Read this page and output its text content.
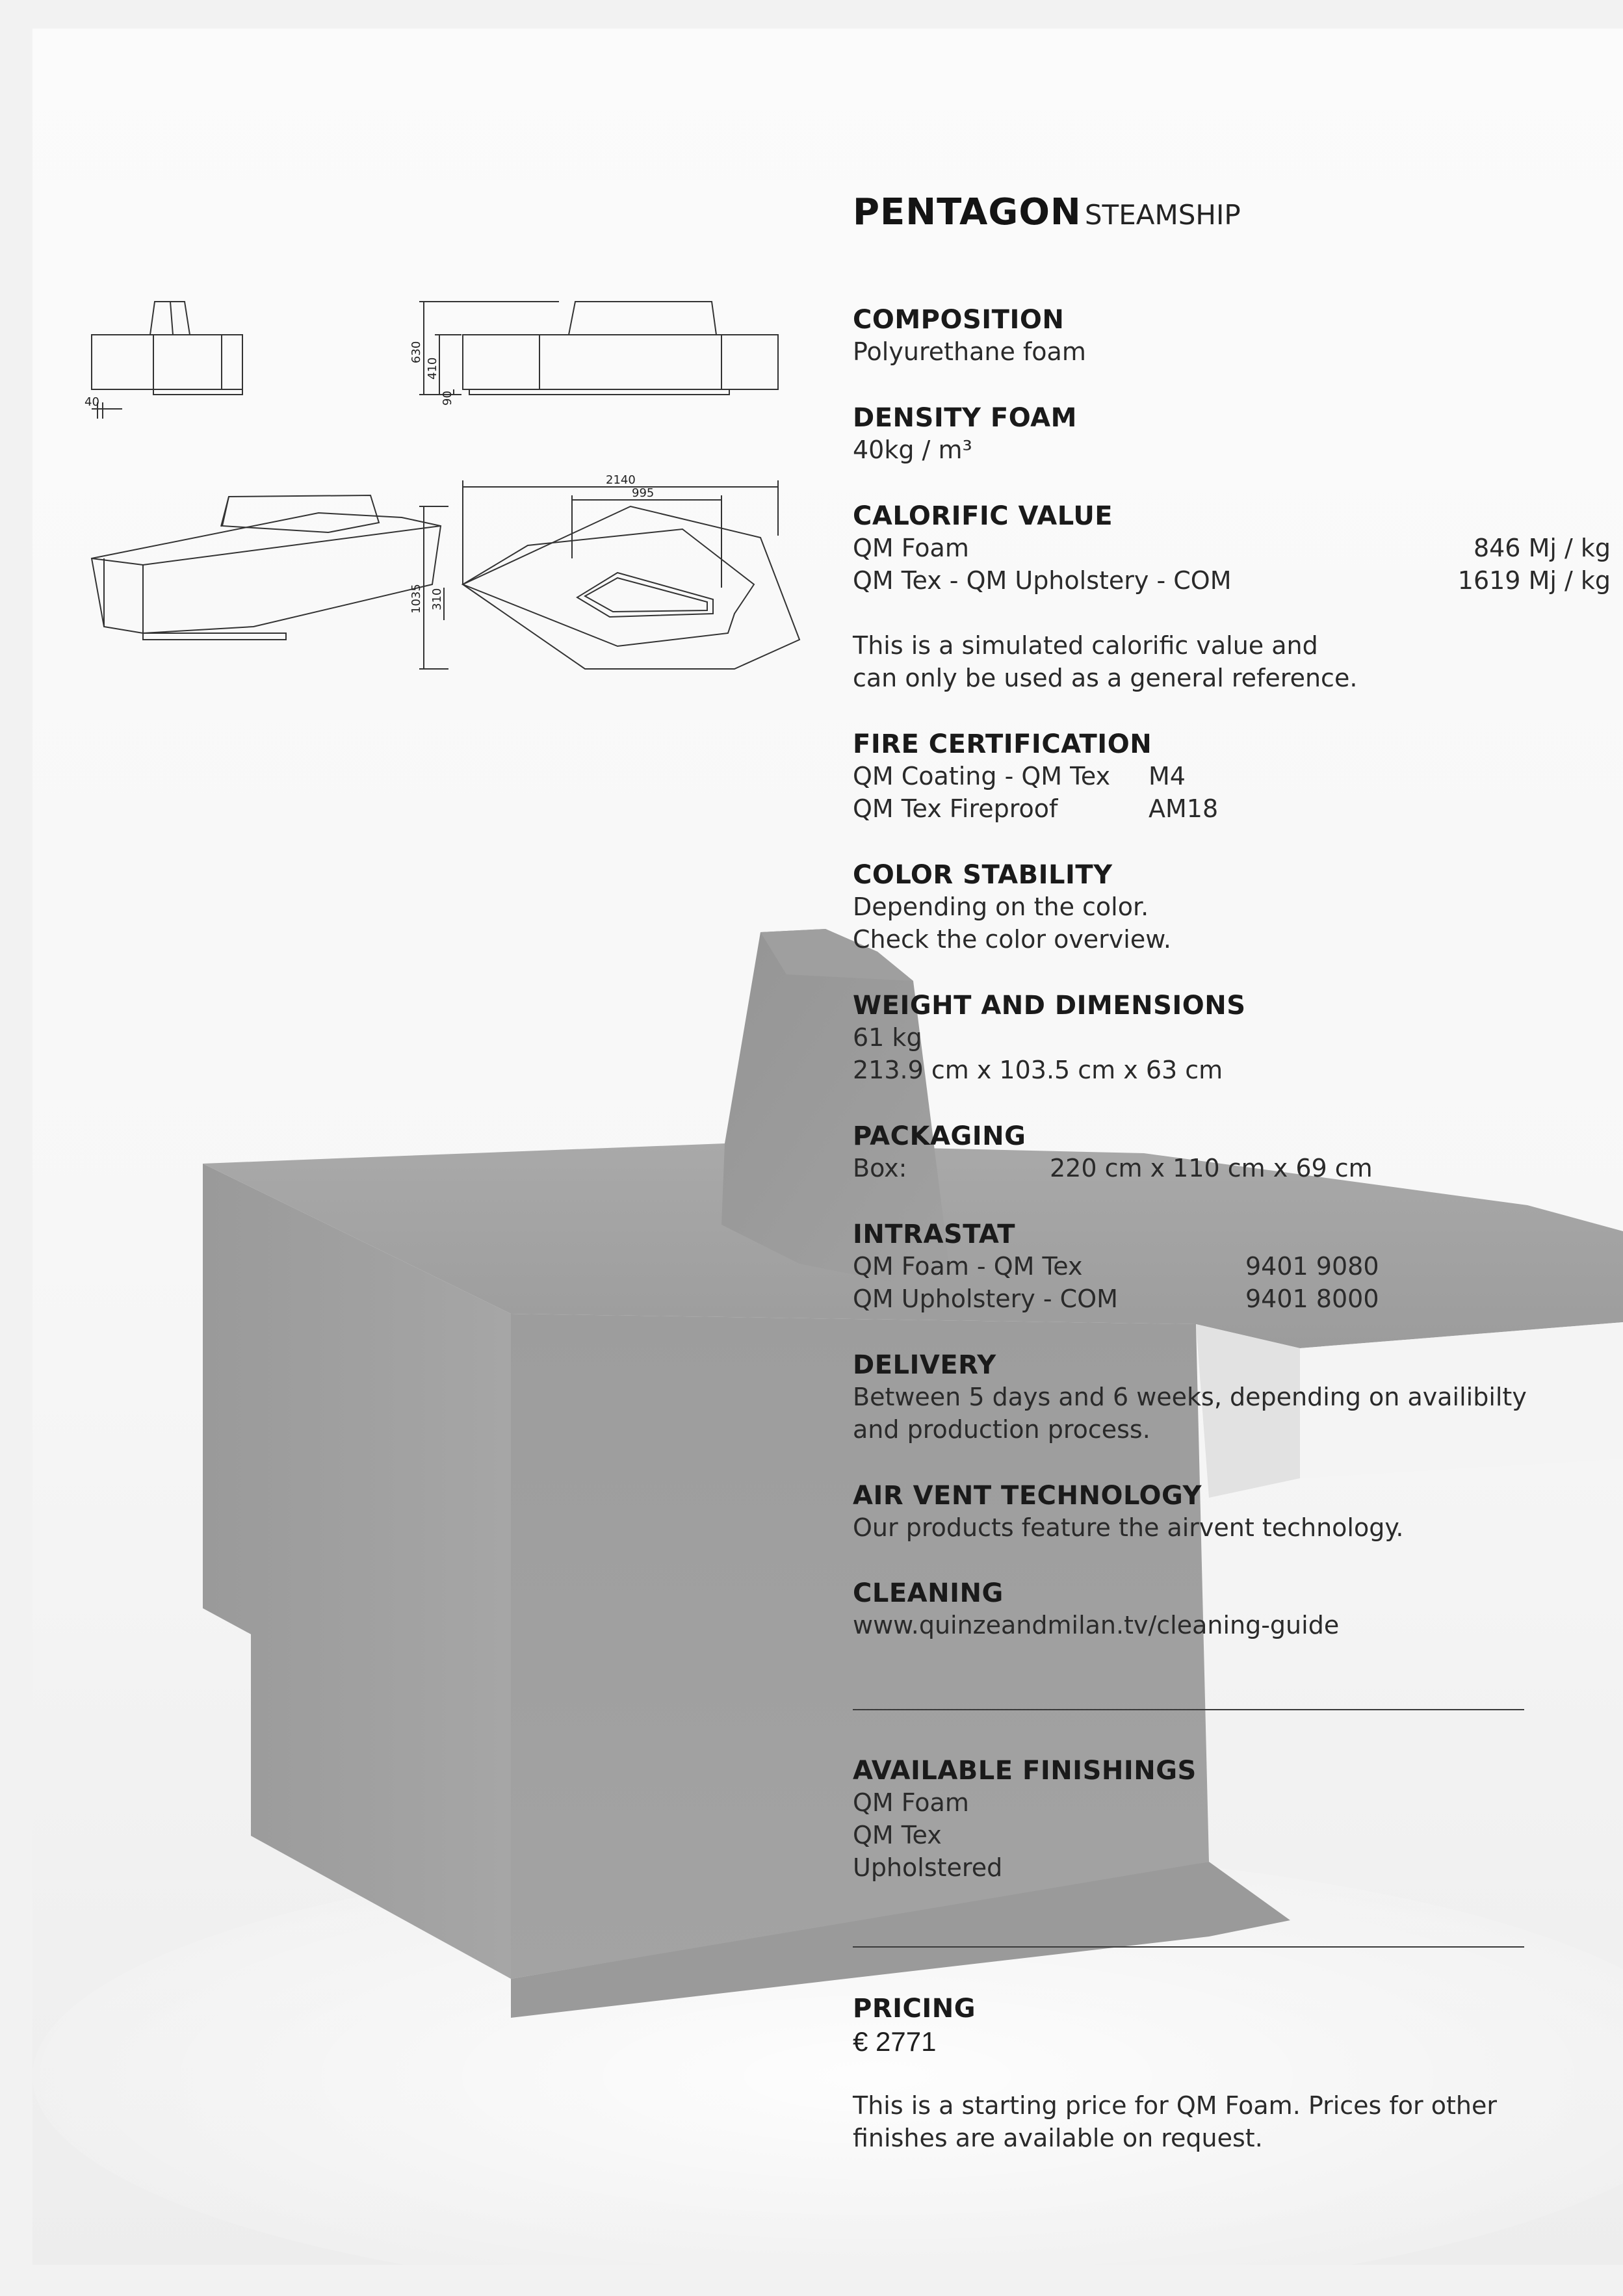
40
630
410
90
2140
995
1035 310
PENTAGON STEAMSHIP
COMPOSITION
Polyurethane foam
DENSITY FOAM
40kg / m³
CALORIFIC VALUE
QM Foam	846 Mj / kg
QM Tex - QM Upholstery - COM	1619 Mj / kg
This is a simulated calorific value and
can only be used as a general reference.
FIRE CERTIFICATION
QM Coating - QM Tex M4
QM Tex Fireproof	AM18
COLOR STABILITY
Depending on the color.
Check the color overview.
WEIGHT AND DIMENSIONS
61 kg
213.9 cm x 103.5 cm x 63 cm
PACKAGING
Box:	220 cm x 110 cm x 69 cm
INTRASTAT
QM Foam - QM Tex	9401 9080
QM Upholstery - COM	9401 8000
DELIVERY
Between 5 days and 6 weeks, depending on availibilty
and production process.
AIR VENT TECHNOLOGY
Our products feature the airvent technology.
CLEANING
www.quinzeandmilan.tv/cleaning-guide
AVAILABLE FINISHINGS
QM Foam
QM Tex
Upholstered
PRICING
€ 2771
This is a starting price for QM Foam. Prices for other
finishes are available on request.
